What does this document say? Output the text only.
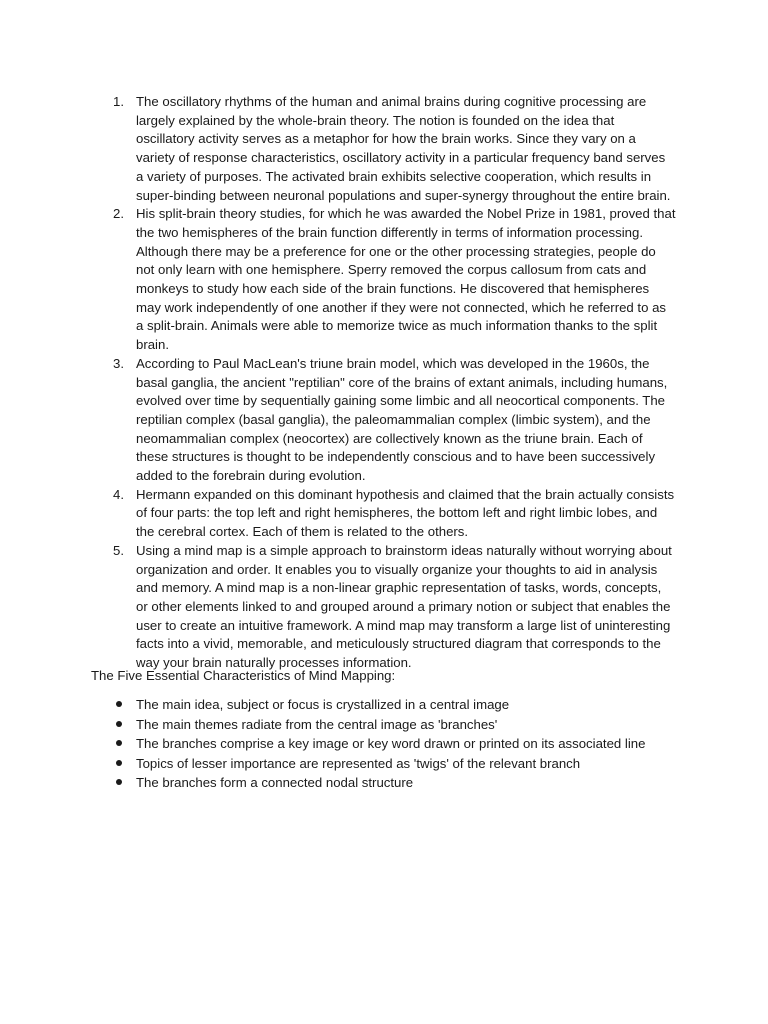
1. The oscillatory rhythms of the human and animal brains during cognitive processing are largely explained by the whole-brain theory. The notion is founded on the idea that oscillatory activity serves as a metaphor for how the brain works. Since they vary on a variety of response characteristics, oscillatory activity in a particular frequency band serves a variety of purposes. The activated brain exhibits selective cooperation, which results in super-binding between neuronal populations and super-synergy throughout the entire brain.
2. His split-brain theory studies, for which he was awarded the Nobel Prize in 1981, proved that the two hemispheres of the brain function differently in terms of information processing. Although there may be a preference for one or the other processing strategies, people do not only learn with one hemisphere. Sperry removed the corpus callosum from cats and monkeys to study how each side of the brain functions. He discovered that hemispheres may work independently of one another if they were not connected, which he referred to as a split-brain. Animals were able to memorize twice as much information thanks to the split brain.
3. According to Paul MacLean's triune brain model, which was developed in the 1960s, the basal ganglia, the ancient "reptilian" core of the brains of extant animals, including humans, evolved over time by sequentially gaining some limbic and all neocortical components. The reptilian complex (basal ganglia), the paleomammalian complex (limbic system), and the neomammalian complex (neocortex) are collectively known as the triune brain. Each of these structures is thought to be independently conscious and to have been successively added to the forebrain during evolution.
4. Hermann expanded on this dominant hypothesis and claimed that the brain actually consists of four parts: the top left and right hemispheres, the bottom left and right limbic lobes, and the cerebral cortex. Each of them is related to the others.
5. Using a mind map is a simple approach to brainstorm ideas naturally without worrying about organization and order. It enables you to visually organize your thoughts to aid in analysis and memory. A mind map is a non-linear graphic representation of tasks, words, concepts, or other elements linked to and grouped around a primary notion or subject that enables the user to create an intuitive framework. A mind map may transform a large list of uninteresting facts into a vivid, memorable, and meticulously structured diagram that corresponds to the way your brain naturally processes information.

The Five Essential Characteristics of Mind Mapping:

The main idea, subject or focus is crystallized in a central image
The main themes radiate from the central image as 'branches'
The branches comprise a key image or key word drawn or printed on its associated line
Topics of lesser importance are represented as 'twigs' of the relevant branch
The branches form a connected nodal structure
